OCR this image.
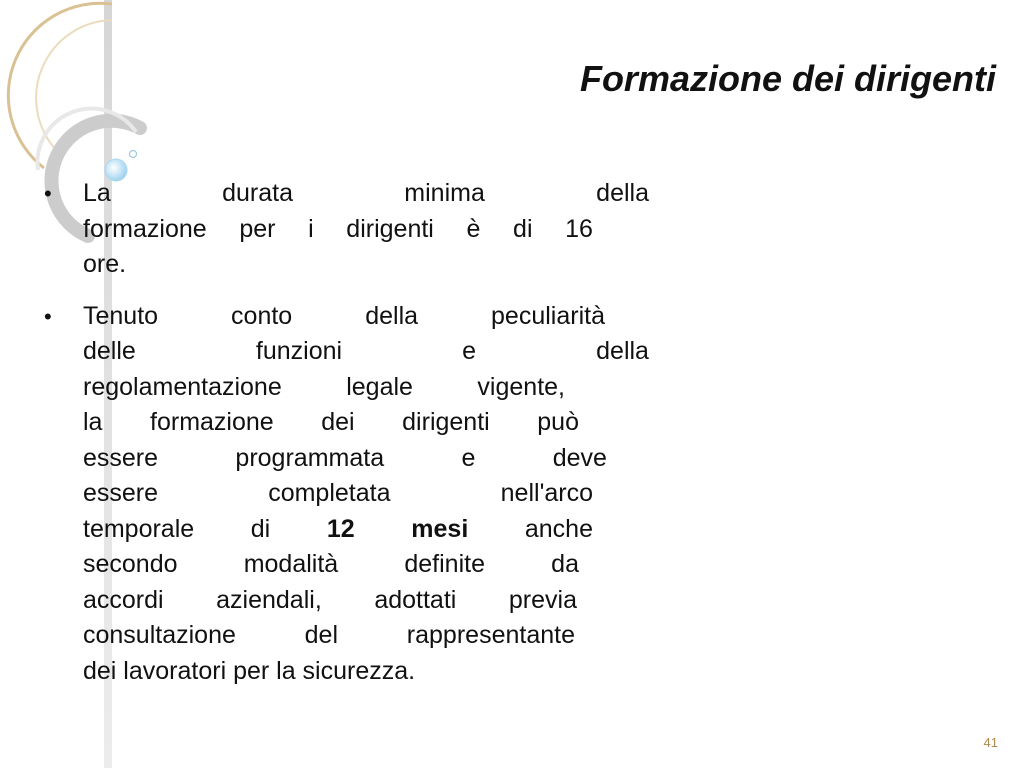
Formazione dei dirigenti
•	La	durata	minima	della
formazione per i dirigenti è di 16
ore.
•	Tenuto	conto	della	peculiarità
delle	funzioni	e	della
regolamentazione	legale	vigente,
la formazione dei dirigenti può
essere	programmata	e	deve
essere	completata	nell'arco
temporale di 12 mesi anche
secondo	modalità	definite	da
accordi aziendali, adottati previa
consultazione	del	rappresentante
dei lavoratori per la sicurezza.
41
